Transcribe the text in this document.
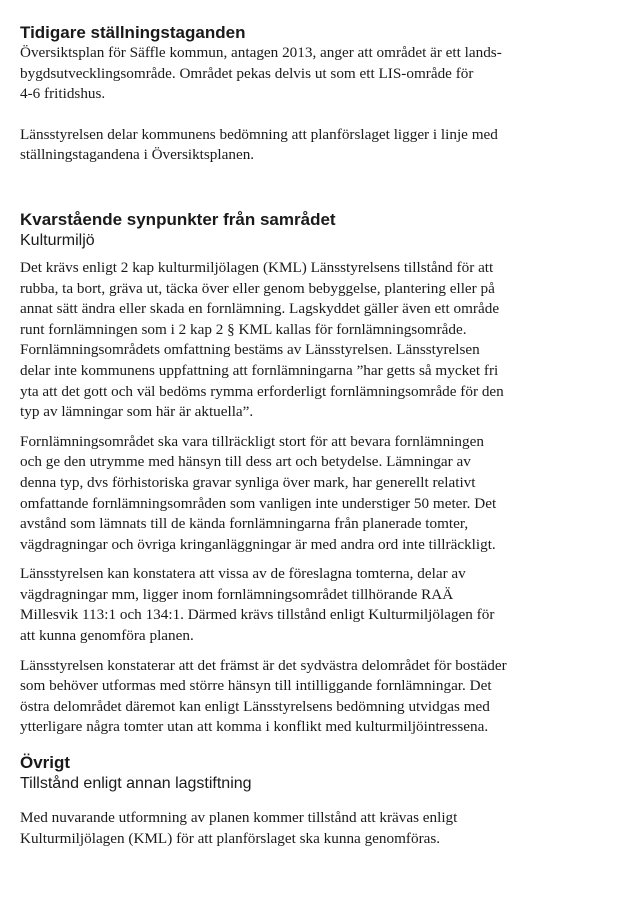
Tidigare ställningstaganden
Översiktsplan för Säffle kommun, antagen 2013, anger att området är ett lands-
bygdsutvecklingsområde. Området pekas delvis ut som ett LIS-område för
4-6 fritidshus.
Länsstyrelsen delar kommunens bedömning att planförslaget ligger i linje med
ställningstagandena i Översiktsplanen.
Kvarstående synpunkter från samrådet
Kulturmiljö
Det krävs enligt 2 kap kulturmiljölagen (KML) Länsstyrelsens tillstånd för att
rubba, ta bort, gräva ut, täcka över eller genom bebyggelse, plantering eller på
annat sätt ändra eller skada en fornlämning. Lagskyddet gäller även ett område
runt fornlämningen som i 2 kap 2 § KML kallas för fornlämningsområde.
Fornlämningsområdets omfattning bestäms av Länsstyrelsen. Länsstyrelsen
delar inte kommunens uppfattning att fornlämningarna ”har getts så mycket fri
yta att det gott och väl bedöms rymma erforderligt fornlämningsområde för den
typ av lämningar som här är aktuella”.
Fornlämningsområdet ska vara tillräckligt stort för att bevara fornlämningen
och ge den utrymme med hänsyn till dess art och betydelse. Lämningar av
denna typ, dvs förhistoriska gravar synliga över mark, har generellt relativt
omfattande fornlämningsområden som vanligen inte understiger 50 meter. Det
avstånd som lämnats till de kända fornlämningarna från planerade tomter,
vägdragningar och övriga kringanläggningar är med andra ord inte tillräckligt.
Länsstyrelsen kan konstatera att vissa av de föreslagna tomterna, delar av
vägdragningar mm, ligger inom fornlämningsområdet tillhörande RAÄ
Millesvik 113:1 och 134:1. Därmed krävs tillstånd enligt Kulturmiljölagen för
att kunna genomföra planen.
Länsstyrelsen konstaterar att det främst är det sydvästra delområdet för bostäder
som behöver utformas med större hänsyn till intilliggande fornlämningar. Det
östra delområdet däremot kan enligt Länsstyrelsens bedömning utvidgas med
ytterligare några tomter utan att komma i konflikt med kulturmiljöintressena.
Övrigt
Tillstånd enligt annan lagstiftning
Med nuvarande utformning av planen kommer tillstånd att krävas enligt
Kulturmiljölagen (KML) för att planförslaget ska kunna genomföras.
